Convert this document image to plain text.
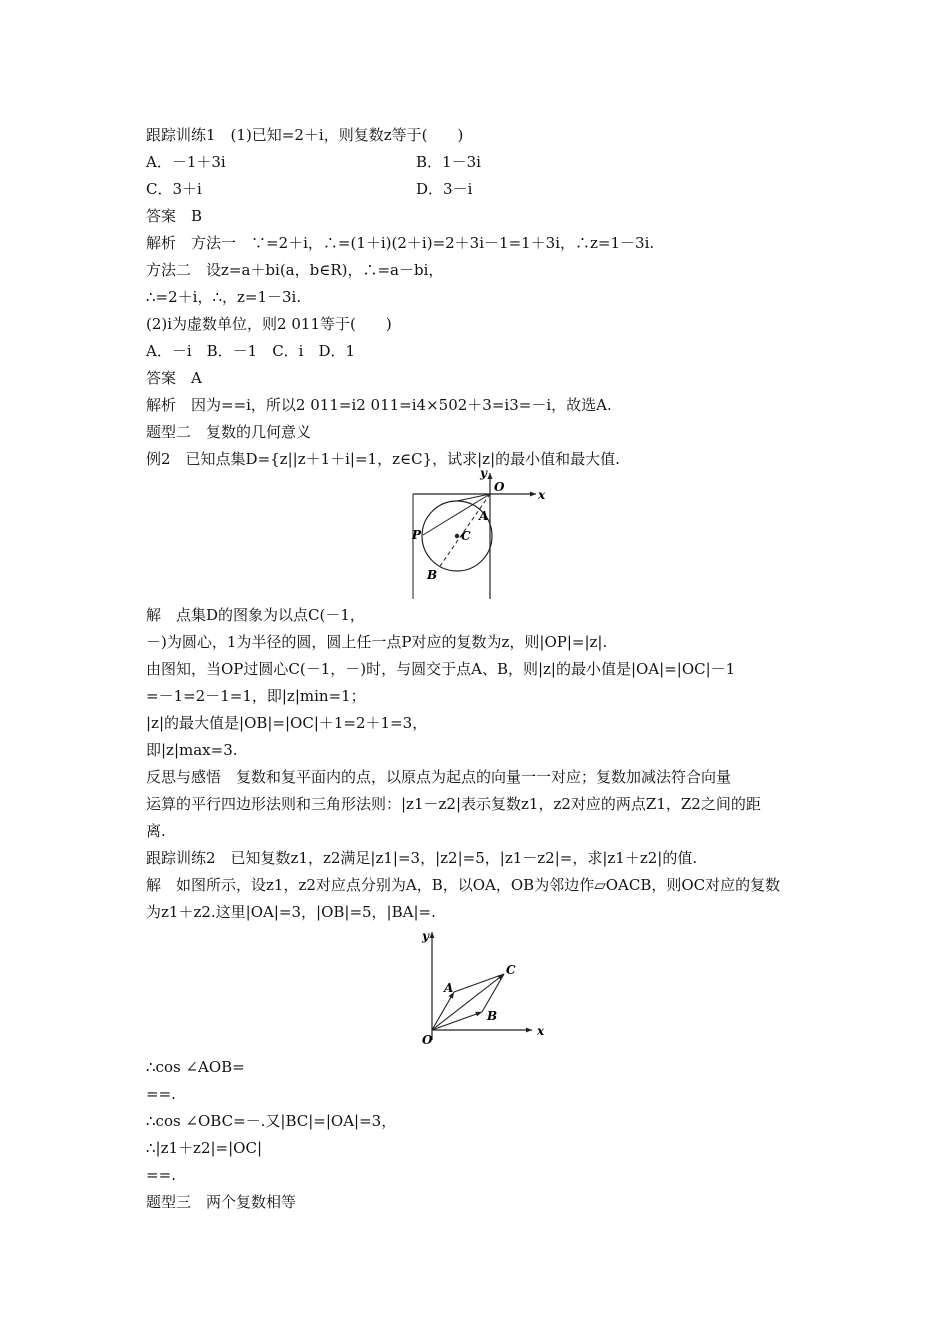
跟踪训练1　(1)已知=2＋i，则复数z等于(　　)
A．－1＋3i	B．1－3i
C．3＋i	D．3－i
答案　B
解析　方法一　∵=2＋i，∴=(1＋i)(2＋i)=2＋3i－1=1＋3i，∴z=1－3i.
方法二　设z=a＋bi(a，b∈R)，∴=a－bi，
∴=2＋i，∴，z=1－3i.
(2)i为虚数单位，则2 011等于(　　)
A．－i　B．－1　C．i　D．1
答案　A
解析　因为==i，所以2 011=i2 011=i4×502＋3=i3=－i，故选A.
题型二　复数的几何意义
例2　已知点集D={z||z＋1＋i|=1，z∈C}，试求|z|的最小值和最大值.
x
y
O
A
P	C
B
解　点集D的图象为以点C(－1，
－)为圆心，1为半径的圆，圆上任一点P对应的复数为z，则|OP|=|z|.
由图知，当OP过圆心C(－1，－)时，与圆交于点A、B，则|z|的最小值是|OA|=|OC|－1
=－1=2－1=1，即|z|min=1；
|z|的最大值是|OB|=|OC|＋1=2＋1=3，
即|z|max=3.
反思与感悟　复数和复平面内的点，以原点为起点的向量一一对应；复数加减法符合向量
运算的平行四边形法则和三角形法则：|z1－z2|表示复数z1，z2对应的两点Z1，Z2之间的距
离.
跟踪训练2　已知复数z1，z2满足|z1|=3，|z2|=5，|z1－z2|=，求|z1＋z2|的值.
解　如图所示，设z1，z2对应点分别为A，B，以OA，OB为邻边作▱OACB，则OC对应的复数
为z1＋z2.这里|OA|=3，|OB|=5，|BA|=.
x
y
O
A
B
C
∴cos ∠AOB=
==.
∴cos ∠OBC=－.又|BC|=|OA|=3，
∴|z1＋z2|=|OC|
==.
题型三　两个复数相等
